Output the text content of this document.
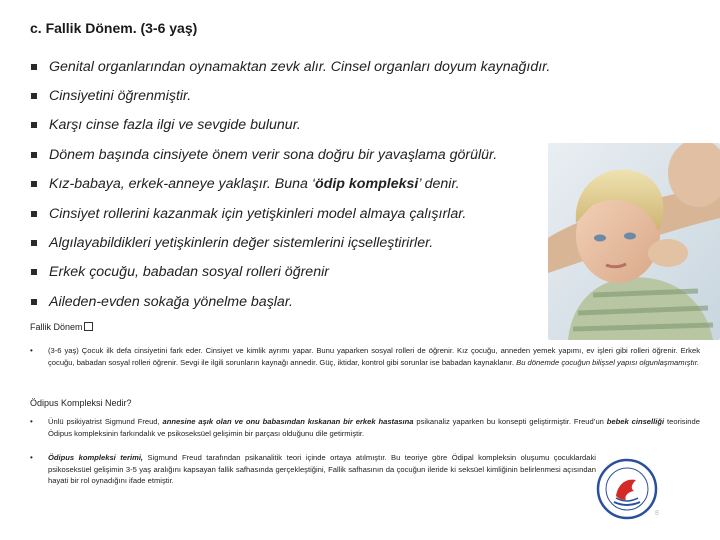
c. Fallik Dönem. (3-6 yaş)
Genital organlarından oynamaktan zevk alır. Cinsel organları doyum kaynağıdır.
Cinsiyetini öğrenmiştir.
Karşı cinse fazla ilgi ve sevgide bulunur.
Dönem başında cinsiyete önem verir sona doğru bir yavaşlama görülür.
Kız-babaya, erkek-anneye yaklaşır. Buna ‘ ödip kompleksi ’ denir.
Cinsiyet rollerini kazanmak için yetişkinleri model almaya çalışırlar.
Algılayabildikleri yetişkinlerin değer sistemlerini içselleştirirler.
Erkek çocuğu, babadan sosyal rolleri öğrenir
Aileden-evden sokağa yönelme başlar.
Fallik Dönem
• (3-6 yaş) Çocuk ilk defa cinsiyetini fark eder. Cinsiyet ve kimlik ayrımı yapar. Bunu yaparken sosyal rolleri de öğrenir. Kız çocuğu, anneden yemek yapımı, ev işleri gibi rolleri öğrenir. Erkek çocuğu, babadan sosyal rolleri öğrenir. Sevgi ile ilgili sorunların kaynağı annedir. Güç, iktidar, kontrol gibi sorunlar ise babadan kaynaklanır. Bu dönemde çocuğun bilişsel yapısı olgunlaşmamıştır.
Ödipus Kompleksi Nedir?
• Ünlü psikiyatrist Sigmund Freud, annesine aşık olan ve onu babasından kıskanan bir erkek hastasına psikanaliz yaparken bu konsepti geliştirmiştir. Freud’un bebek cinselliği teorisinde Ödipus kompleksinin farkındalık ve psikoseksüel gelişimin bir parçası olduğunu dile getirmiştir.
• Ödipus kompleksi terimi, Sigmund Freud tarafından psikanalitik teori içinde ortaya atılmıştır. Bu teoriye göre Ödipal kompleksin oluşumu çocuklardaki psikoseksüel gelişimin 3-5 yaş aralığını kapsayan fallik safhasında gerçekleştiğini, Fallik safhasının da çocuğun ileride ki seksüel kimliğinin belirlenmesi açısından hayati bir rol oynadığını ifade etmiştir.
8
